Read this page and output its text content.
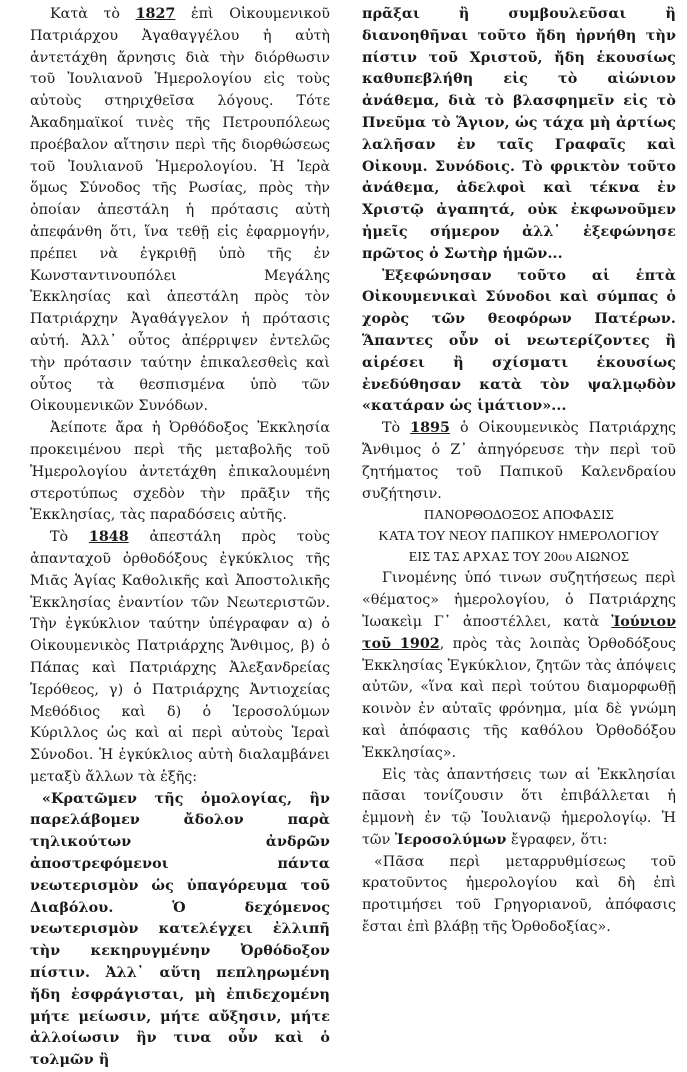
Κατὰ τὸ 1827 ἐπὶ Οἰκουμενικοῦ Πατριάρχου Ἀγαθαγγέλου ἡ αὐτὴ ἀντετάχθη ἄρνησις διὰ τὴν διόρθωσιν τοῦ Ἰουλιανοῦ Ἡμερολογίου εἰς τοὺς αὐτοὺς στηριχθεῖσα λόγους. Τότε Ἀκαδημαϊκοί τινὲς τῆς Πετρουπόλεως προέβαλον αἴτησιν περὶ τῆς διορθώσεως τοῦ Ἰουλιανοῦ Ἡμερολογίου. Ἡ Ἱερὰ ὅμως Σύνοδος τῆς Ρωσίας, πρὸς τὴν ὁποίαν ἀπεστάλη ἡ πρότασις αὐτὴ ἀπεφάνθη ὅτι, ἵνα τεθῇ εἰς ἐφαρμογήν, πρέπει νὰ ἐγκριθῇ ὑπὸ τῆς ἐν Κωνσταντινουπόλει Μεγάλης Ἐκκλησίας καὶ ἀπεστάλη πρὸς τὸν Πατριάρχην Ἀγαθάγγελον ἡ πρότασις αὐτή. Ἀλλ᾽ οὗτος ἀπέρριψεν ἐντελῶς τὴν πρότασιν ταύτην ἐπικαλεσθεὶς καὶ οὗτος τὰ θεσπισμένα ὑπὸ τῶν Οἰκουμενικῶν Συνόδων.

Ἀείποτε ἄρα ἡ Ὀρθόδοξος Ἐκκλησία προκειμένου περὶ τῆς μεταβολῆς τοῦ Ἡμερολογίου ἀντετάχθη ἐπικαλουμένη στεροτύπως σχεδὸν τὴν πρᾶξιν τῆς Ἐκκλησίας, τὰς παραδόσεις αὐτῆς.

Τὸ 1848 ἀπεστάλη πρὸς τοὺς ἁπανταχοῦ ὀρθοδόξους ἐγκύκλιος τῆς Μιᾶς Ἁγίας Καθολικῆς καὶ Ἀποστολικῆς Ἐκκλησίας ἐναντίον τῶν Νεωτεριστῶν. Τὴν ἐγκύκλιον ταύτην ὑπέγραφαν α) ὁ Οἰκουμενικὸς Πατριάρχης Ἄνθιμος, β) ὁ Πάπας καὶ Πατριάρχης Ἀλεξανδρείας Ἱερόθεος, γ) ὁ Πατριάρχης Ἀντιοχείας Μεθόδιος καὶ δ) ὁ Ἱεροσολύμων Κύριλλος ὡς καὶ αἱ περὶ αὐτοὺς Ἱεραὶ Σύνοδοι. Ἡ ἐγκύκλιος αὐτὴ διαλαμβάνει μεταξὺ ἄλλων τὰ ἑξῆς:

«Κρατῶμεν τῆς ὁμολογίας, ἣν παρελάβομεν ἄδολον παρὰ τηλικούτων ἀνδρῶν ἀποστρεφόμενοι πάντα νεωτερισμὸν ὡς ὑπαγόρευμα τοῦ Διαβόλου. Ὁ δεχόμενος νεωτερισμὸν κατελέγχει ἐλλιπῆ τὴν κεκηρυγμένην Ὀρθόδοξον πίστιν. Ἀλλ᾽ αὕτη πεπληρωμένη ἤδη ἐσφράγισται, μὴ ἐπιδεχομένη μήτε μείωσιν, μήτε αὔξησιν, μήτε ἀλλοίωσιν ἣν τινα οὖν καὶ ὁ τολμῶν ἢ

πρᾶξαι ἢ συμβουλεῦσαι ἢ διανοηθῆναι τοῦτο ἤδη ἠρνήθη τὴν πίστιν τοῦ Χριστοῦ, ἤδη ἑκουσίως καθυπεβλήθη εἰς τὸ αἰώνιον ἀνάθεμα, διὰ τὸ βλασφημεῖν εἰς τὸ Πνεῦμα τὸ Ἅγιον, ὡς τάχα μὴ ἀρτίως λαλῆσαν ἐν ταῖς Γραφαῖς καὶ Οἰκουμ. Συνόδοις. Τὸ φρικτὸν τοῦτο ἀνάθεμα, ἀδελφοὶ καὶ τέκνα ἐν Χριστῷ ἀγαπητά, οὐκ ἐκφωνοῦμεν ἡμεῖς σήμερον ἀλλ᾽ ἐξεφώνησε πρῶτος ὁ Σωτὴρ ἡμῶν...

Ἐξεφώνησαν τοῦτο αἱ ἑπτὰ Οἰκουμενικαὶ Σύνοδοι καὶ σύμπας ὁ χορὸς τῶν θεοφόρων Πατέρων. Ἅπαντες οὖν οἱ νεωτερίζοντες ἢ αἱρέσει ἢ σχίσματι ἑκουσίως ἐνεδύθησαν κατὰ τὸν ψαλμῳδὸν «κατάραν ὡς ἱμάτιον»...

Τὸ 1895 ὁ Οἰκουμενικὸς Πατριάρχης Ἄνθιμος ὁ Ζ᾽ ἀπηγόρευσε τὴν περὶ τοῦ ζητήματος τοῦ Παπικοῦ Καλενδραίου συζήτησιν.

ΠΑΝΟΡΘΟΔΟΞΟΣ ΑΠΟΦΑΣΙΣ
ΚΑΤΑ ΤΟΥ ΝΕΟΥ ΠΑΠΙΚΟΥ ΗΜΕΡΟΛΟΓΙΟΥ
ΕΙΣ ΤΑΣ ΑΡΧΑΣ ΤΟΥ 20ου ΑΙΩΝΟΣ

Γινομένης ὑπό τινων συζητήσεως περὶ «θέματος» ἡμερολογίου, ὁ Πατριάρχης Ἰωακεὶμ Γ᾽ ἀποστέλλει, κατὰ Ἰούνιον τοῦ 1902, πρὸς τὰς λοιπὰς Ὀρθοδόξους Ἐκκλησίας Ἐγκύκλιον, ζητῶν τὰς ἀπόψεις αὐτῶν, «ἵνα καὶ περὶ τούτου διαμορφωθῇ κοινὸν ἐν αὐταῖς φρόνημα, μία δὲ γνώμη καὶ ἀπόφασις τῆς καθόλου Ὀρθοδόξου Ἐκκλησίας».

Εἰς τὰς ἀπαντήσεις των αἱ Ἐκκλησίαι πᾶσαι τονίζουσιν ὅτι ἐπιβάλλεται ἡ ἐμμονὴ ἐν τῷ Ἰουλιανῷ ἡμερολογίῳ. Ἡ τῶν Ἱεροσολύμων ἔγραφεν, ὅτι:

«Πᾶσα περὶ μεταρρυθμίσεως τοῦ κρατοῦντος ἡμερολογίου καὶ δὴ ἐπὶ προτιμήσει τοῦ Γρηγοριανοῦ, ἀπόφασις ἔσται ἐπὶ βλάβῃ τῆς Ὀρθοδοξίας».
